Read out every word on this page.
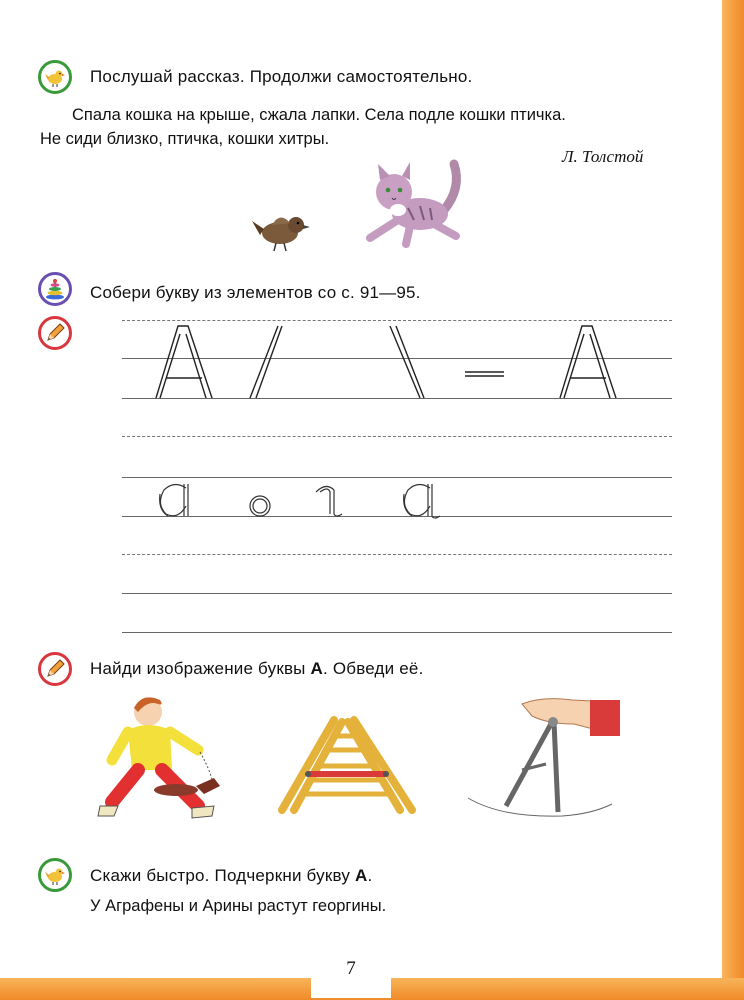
Послушай рассказ. Продолжи самостоятельно.
Спала кошка на крыше, сжала лапки. Села подле кошки птичка.
Не сиди близко, птичка, кошки хитры.
Л. Толстой
Собери букву из элементов со с. 91—95.
Найди изображение буквы А. Обведи её.
Скажи быстро. Подчеркни букву А.
У Аграфены и Арины растут георгины.
7
